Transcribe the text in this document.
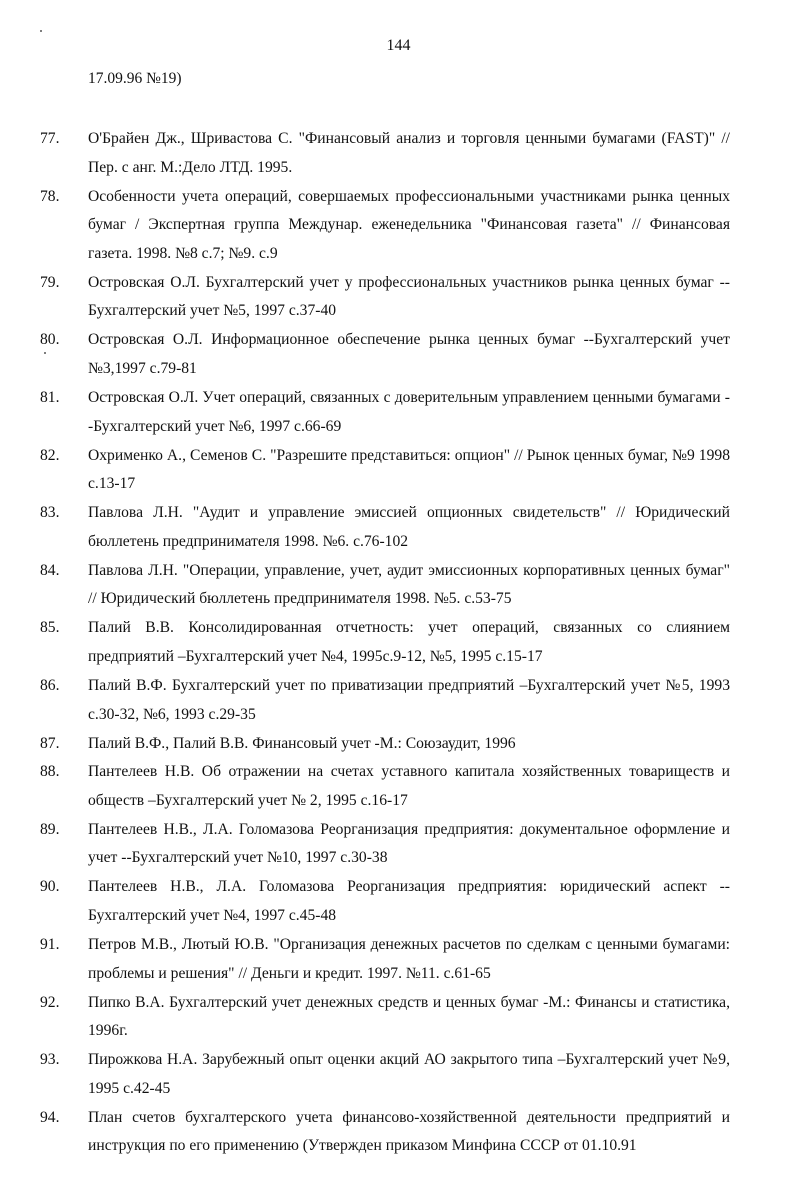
144
17.09.96 №19)
77.	О'Брайен Дж., Шривастова С. "Финансовый анализ и торговля ценными бумагами (FAST)" // Пер. с анг. М.:Дело ЛТД. 1995.
78.	Особенности учета операций, совершаемых профессиональными участниками рынка ценных бумаг / Экспертная группа Междунар. еженедельника "Финансовая газета" // Финансовая газета. 1998. №8 с.7; №9. с.9
79.	Островская О.Л. Бухгалтерский учет у профессиональных участников рынка ценных бумаг --Бухгалтерский учет №5, 1997 с.37-40
80.	Островская О.Л. Информационное обеспечение рынка ценных бумаг --Бухгалтерский учет №3,1997 с.79-81
81.	Островская О.Л. Учет операций, связанных с доверительным управлением ценными бумагами --Бухгалтерский учет №6, 1997 с.66-69
82.	Охрименко А., Семенов С. "Разрешите представиться: опцион" // Рынок ценных бумаг, №9 1998 с.13-17
83.	Павлова Л.Н. "Аудит и управление эмиссией опционных свидетельств" // Юридический бюллетень предпринимателя 1998. №6. с.76-102
84.	Павлова Л.Н. "Операции, управление, учет, аудит эмиссионных корпоративных ценных бумаг" // Юридический бюллетень предпринимателя 1998. №5. с.53-75
85.	Палий В.В. Консолидированная отчетность: учет операций, связанных со слиянием предприятий –Бухгалтерский учет №4, 1995с.9-12, №5, 1995 с.15-17
86.	Палий В.Ф. Бухгалтерский учет по приватизации предприятий –Бухгалтерский учет №5, 1993 с.30-32, №6, 1993 с.29-35
87.	Палий В.Ф., Палий В.В. Финансовый учет -М.: Союзаудит, 1996
88.	Пантелеев Н.В. Об отражении на счетах уставного капитала хозяйственных товариществ и обществ –Бухгалтерский учет № 2, 1995 с.16-17
89.	Пантелеев Н.В., Л.А. Голомазова Реорганизация предприятия: документальное оформление и учет --Бухгалтерский учет №10, 1997 с.30-38
90.	Пантелеев Н.В., Л.А. Голомазова Реорганизация предприятия: юридический аспект --Бухгалтерский учет №4, 1997 с.45-48
91.	Петров М.В., Лютый Ю.В. "Организация денежных расчетов по сделкам с ценными бумагами: проблемы и решения" // Деньги и кредит. 1997. №11. с.61-65
92.	Пипко В.А. Бухгалтерский учет денежных средств и ценных бумаг -М.: Финансы и статистика, 1996г.
93.	Пирожкова Н.А. Зарубежный опыт оценки акций АО закрытого типа –Бухгалтерский учет №9, 1995 с.42-45
94.	План счетов бухгалтерского учета финансово-хозяйственной деятельности предприятий и инструкция по его применению (Утвержден приказом Минфина СССР от 01.10.91
